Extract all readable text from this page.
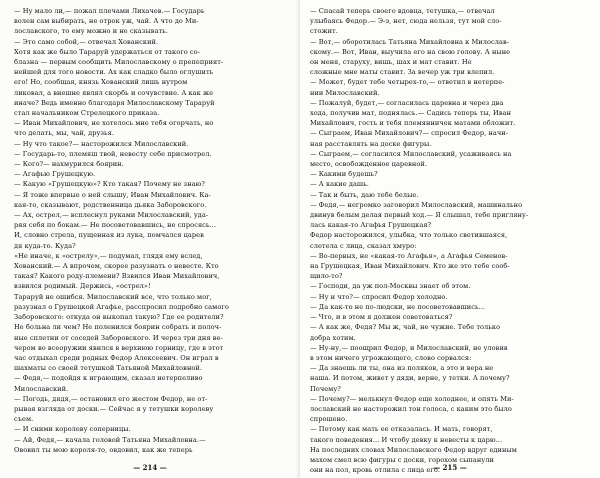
— Ну мало ли,— пожал плечами Лихачев.— Государь

волен сам выбирать, не отрок уж, чай. А что до Ми-

лославского, то ему можно и не сказывать.

— Это само собой,— отвечал Хованский.

Хотя как же было Тараруй удержаться от такого со-

блазна — первым сообщить Милославскому о препеприят-

нейшей для того новости. Ах как сладко было оглушить

его! Но, сообщая, князь Хованский лишь нутром

ликовал, а внешне являл скорбь и сочувствие. А как же

иначе? Ведь именно благодаря Милославскому Тараруй

стал начальником Стрелецкого приказа.

— Иван Михайлович, не хотелось мне тебя огорчать, но

что делать, мы, чай, друзья.

— Ну что такое?— насторожился Милославский.

— Государь-то, племяш твой, невесту себе присмотрел.

— Кого?— нахмурился боярин.

— Агафью Грушецкую.

— Какую «Грушецкую»? Кто такая? Почему не знаю?

— Я тоже впервые о ней слышу, Иван Михайлович. Ка-

кая-то, сказывают, родственница дьяка Заборовского.

— Ах, острел,— всплеснул руками Милославский, уда-

ряя себя по бокам.— Не посоветовавшись, не спросясь...

И, словно стрела, пущенная из лука, помчался царев

дя куда-то. Куда?

«Не иначе, к «острелу»,— подумал, глядя ему вслед,

Хованский.— А впрочем, скорее разузнать о невесте. Кто

такая? Какого роду-племени? Взвился Иван Михайлович,

взвился родимый. Держись, «острел»!

Тараруй не ошибся. Милославский все, что только мог,

разузнал о Грушецкой Агафье, расспросил подробно самого

Заборовского: откуда он выкопал такую? Где ее родители?

Не больна ли чем? Не поленился боярин собрать и полоч-

ные сплетни от соседей Заборовского. И через три дня ве-

чером во всеоружии явился в верхнюю горницу, где в этот

час отдыхал среди родных Федор Алексеевич. Он играл в

шахматы со своей тетушкой Татьяной Михайловной.

— Федя,— подойдя к играющим, сказал нетерпеливо

Милославский.

— Погодь, дядя,— остановил его жестом Федор, не от-

рывая взгляда от доски.— Сейчас я у тетушки королеву

съем.

— И сними королеву соперницы.

— Ай, Федя,— качала головой Татьяна Михайловна.—

Ововил ты мою короля-то, овдовил, как же теперь

— 214 —

— Спасай теперь своего вдовца, тетушка,— отвечал

улыбаясь Федор.— Э-э, нет, сюда нельзя, тут мой сло-

стожит.

— Вот,— оборотилась Татьяна Михайловна к Милослав-

скому.— Вот, Иван, выучила его на свою голову. А ныне

он меня, старуху, вишь, шах и мат ставит. Не

сложные мне маты ставит. За вечер уж три влепил.

— Может, будет тебе четырех-то,— ответил в нетерпе-

нии Милославский.

— Пожалуй, будет,— согласилась царевна и через два

хода, получив мат, поднялась.— Садись теперь ты, Иван

Михайлович, гость и тебя племянничек матами обложит.

— Сыграем, Иван Михайлович?— спросил Федор, начи-

ная расставлять на доске фигуры.

— Сыграем,— согласился Милославский, усаживаясь на

место, освобожденное царевной.

— Какими будешь?

— А какие дашь.

— Так и быть, даю тебе белые.

— Федя,— негромко заговорил Милославский, машинально

двинув белым делая первый ход.— Я слышал, тебе пригляну-

лась какая-то Агафья Грушецкая?

Федор насторожился, улыбка, что только светившаяся,

слетела с лица, сказал хмуро:

— Во-первых, не «какая-то Агафья», а Агафья Семенов-

на Грушецкая, Иван Михайлович. Кто же это тебе сооб-

щило-то?

— Господи, да уж пол-Москвы знает об этом.

— Ну и что?— спросил Федор холодно.

— Да как-то не по-людски, не посоветовавшись...

— Что, и в этом я должен советоваться?

— А как же, Федя? Мы ж, чай, не чужие. Тебе только

добра хотим.

— Ну-ну,— поощрил Федор, и Милославский, не уловив

в этом ничего угрожающего, слово сорвался:

— Да знаешь ли ты, она из поляков, а это и вера не

наша. И потом, живет у дяди, верне, у тетки. А почему?

Почему?

— Почему?— мелькнул Федор еще холоднее, и опять Ми-

лославский не насторожил тон голоса, с каким это было

спрошено.

— Потому как мать ее отказалась. И мать, говорят,

такого поведения... И чтобу девку к невесты к царю...

На последних словах Милославского Федор вдруг единым

махом смел всю фигуры с доски, горохом сыпанули

они на пол, кровь отлила с лица его.

— 215 —
